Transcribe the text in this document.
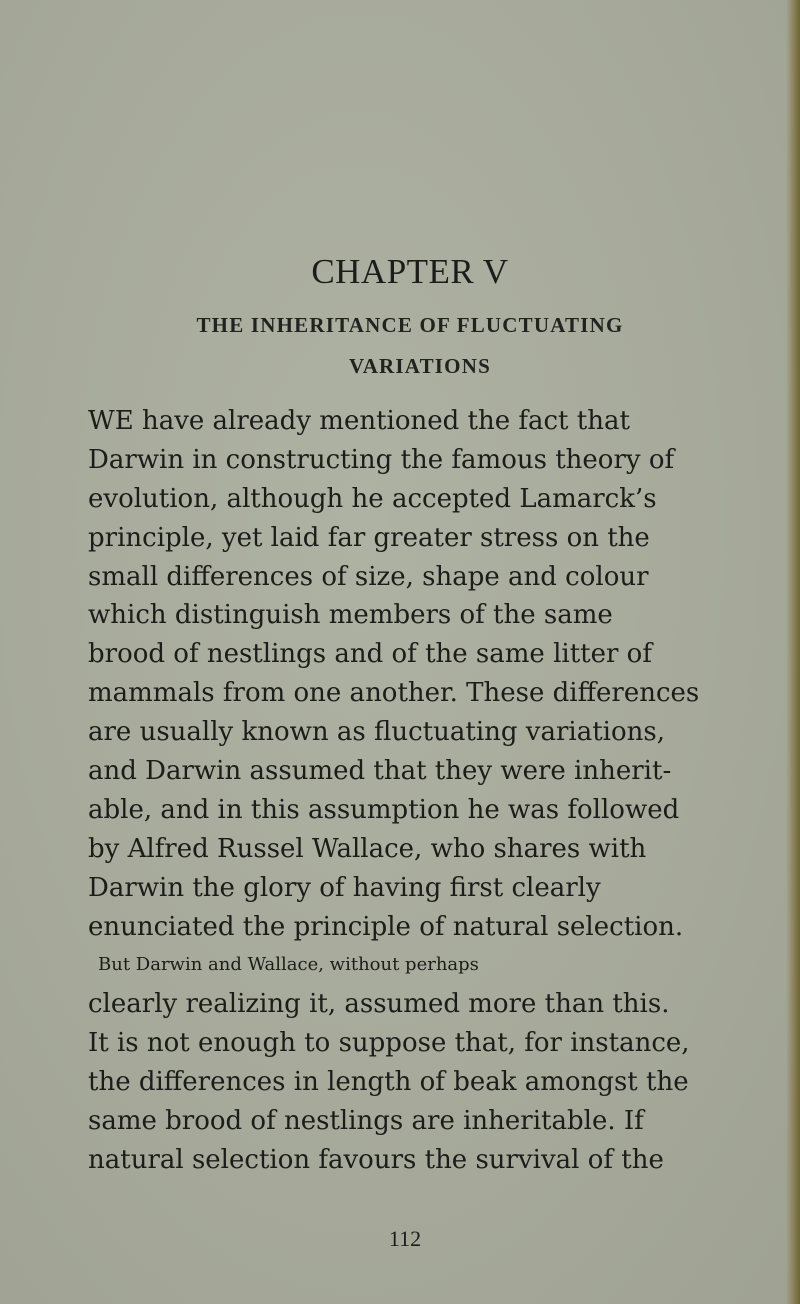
CHAPTER V
THE INHERITANCE OF FLUCTUATING
VARIATIONS
WE have already mentioned the fact that
Darwin in constructing the famous theory of
evolution, although he accepted Lamarck’s
principle, yet laid far greater stress on the
small differences of size, shape and colour
which distinguish members of the same
brood of nestlings and of the same litter of
mammals from one another. These differences
are usually known as fluctuating variations,
and Darwin assumed that they were inherit-
able, and in this assumption he was followed
by Alfred Russel Wallace, who shares with
Darwin the glory of having first clearly
enunciated the principle of natural selection.
But Darwin and Wallace, without perhaps
clearly realizing it, assumed more than this.
It is not enough to suppose that, for instance,
the differences in length of beak amongst the
same brood of nestlings are inheritable. If
natural selection favours the survival of the
112
